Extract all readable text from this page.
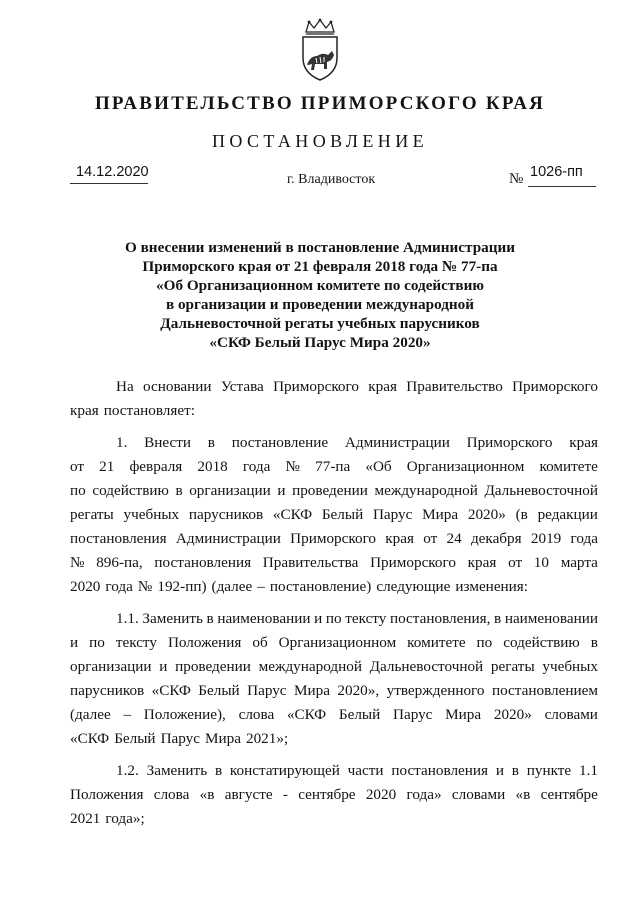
ПРАВИТЕЛЬСТВО ПРИМОРСКОГО КРАЯ
ПОСТАНОВЛЕНИЕ
14.12.2020	г. Владивосток	№ 1026-пп
О внесении изменений в постановление Администрации
Приморского края от 21 февраля 2018 года № 77-па
«Об Организационном комитете по содействию
в организации и проведении международной
Дальневосточной регаты учебных парусников
«СКФ Белый Парус Мира 2020»
На основании Устава Приморского края Правительство Приморского
края постановляет:
1. Внести в постановление Администрации Приморского края
от 21 февраля 2018 года № 77-па «Об Организационном комитете
по содействию в организации и проведении международной Дальневосточной
регаты учебных парусников «СКФ Белый Парус Мира 2020» (в редакции
постановления Администрации Приморского края от 24 декабря 2019 года
№ 896-па, постановления Правительства Приморского края от 10 марта
2020 года № 192-пп) (далее – постановление) следующие изменения:
1.1. Заменить в наименовании и по тексту постановления, в наименовании
и по тексту Положения об Организационном комитете по содействию в
организации и проведении международной Дальневосточной регаты учебных
парусников «СКФ Белый Парус Мира 2020», утвержденного постановлением
(далее – Положение), слова «СКФ Белый Парус Мира 2020» словами
«СКФ Белый Парус Мира 2021»;
1.2. Заменить в констатирующей части постановления и в пункте 1.1
Положения слова «в августе - сентябре 2020 года» словами «в сентябре
2021 года»;
